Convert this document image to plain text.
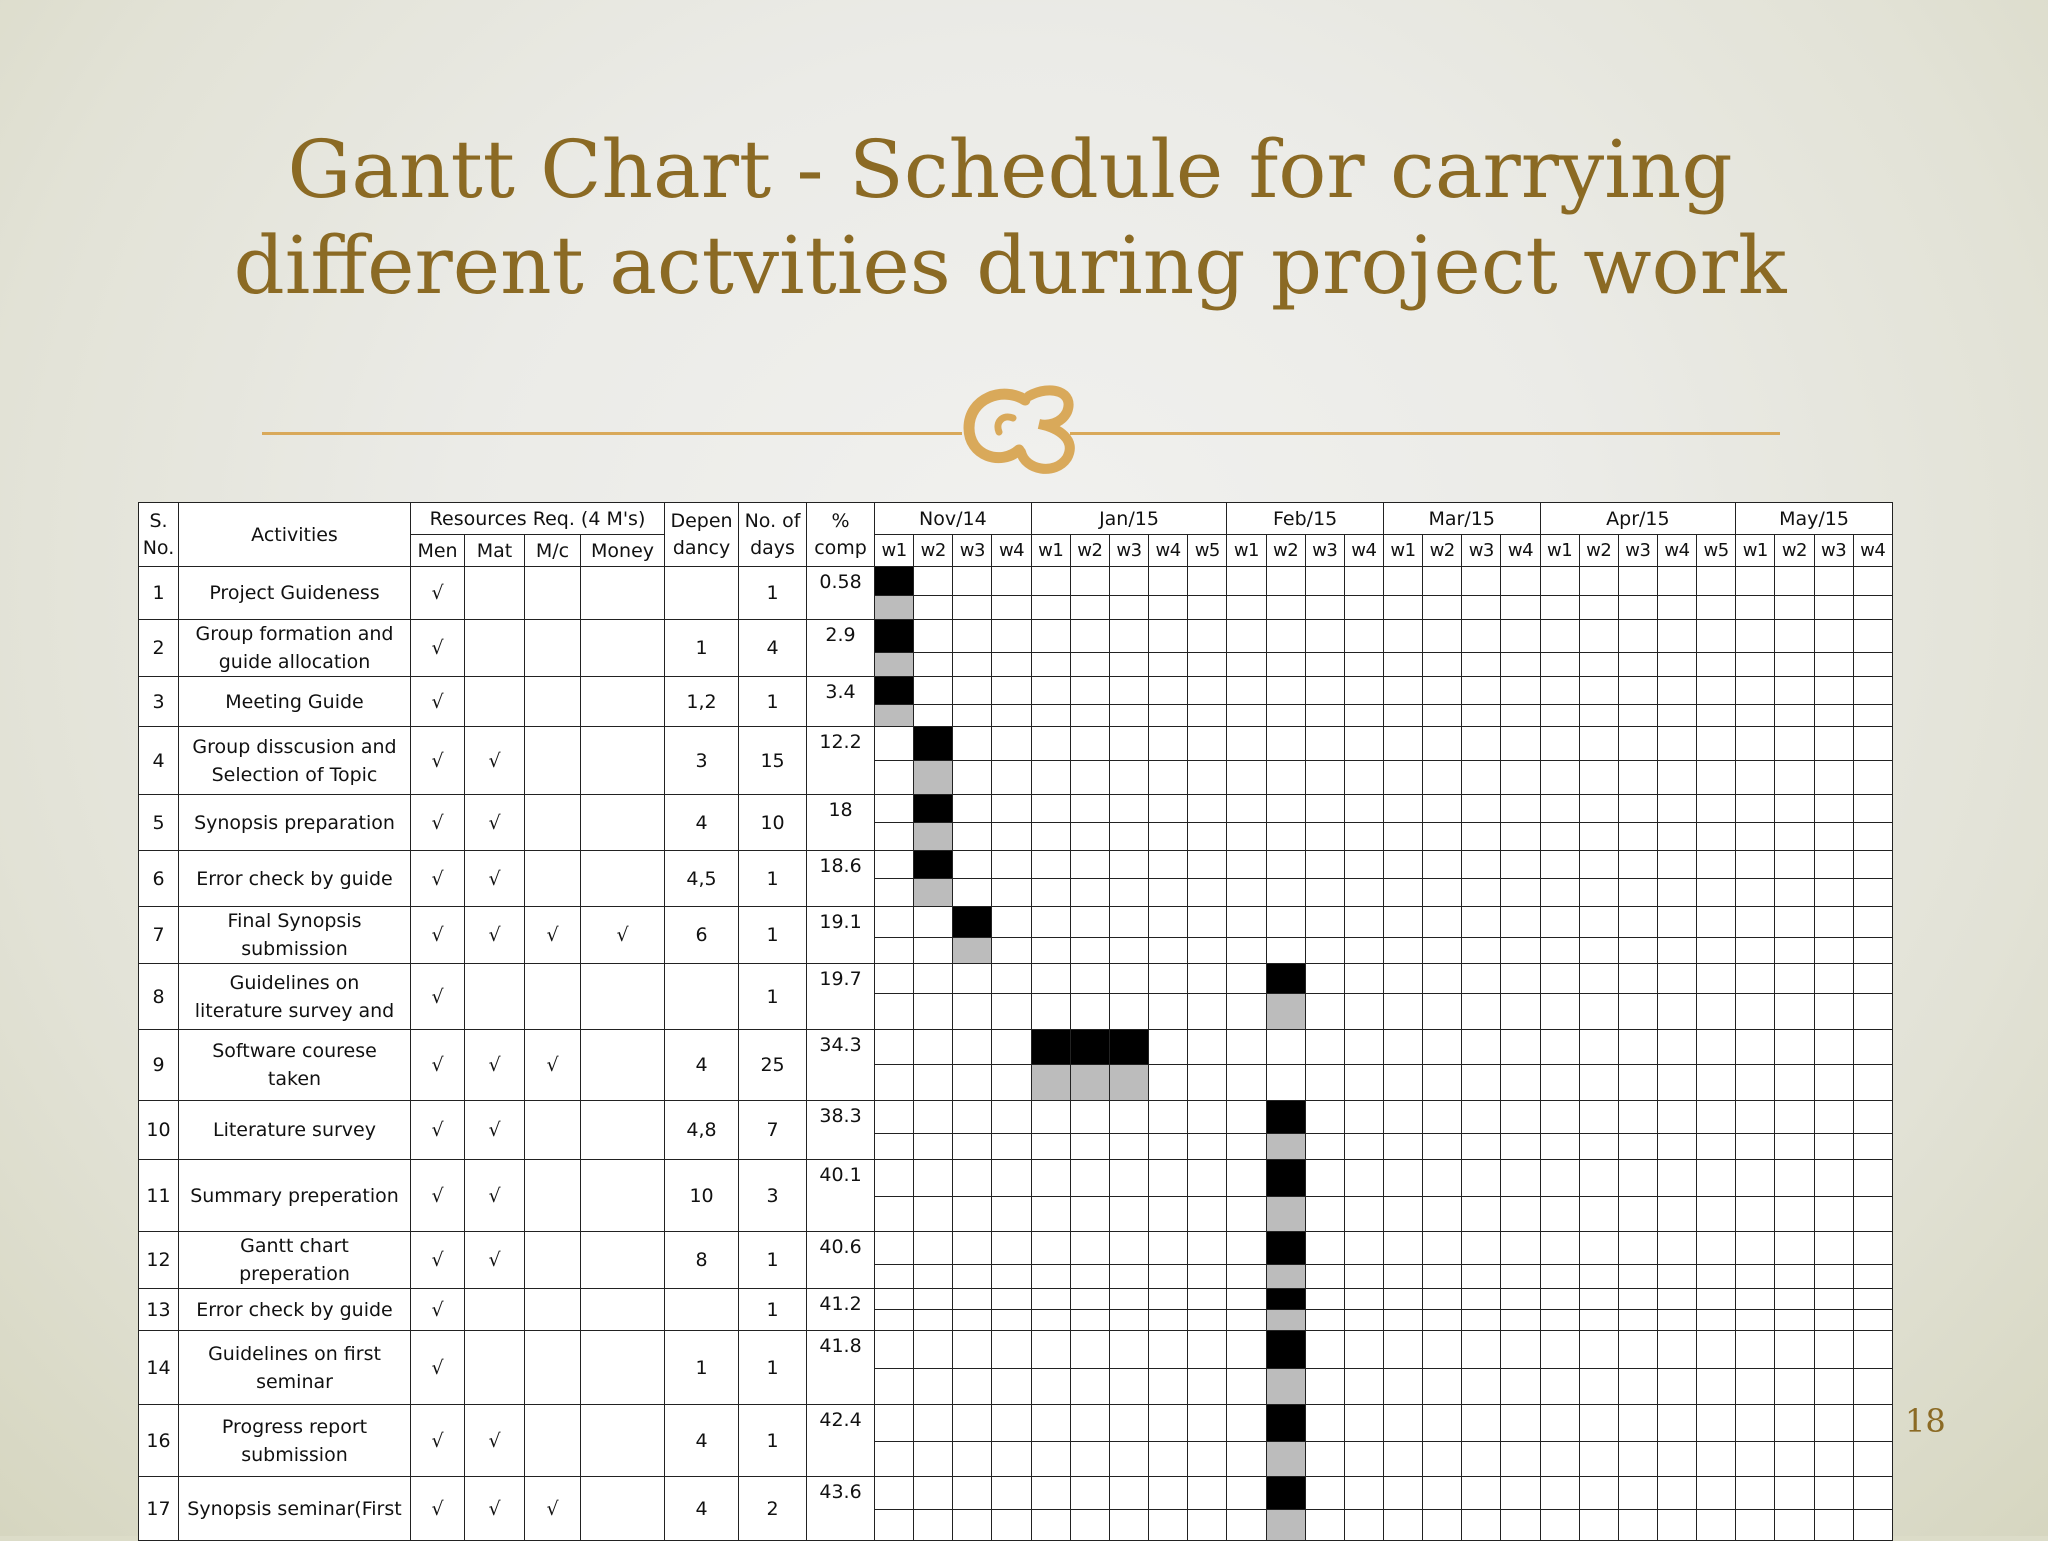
Gantt Chart - Schedule for carrying different actvities during project work
S. No.	Activities	Resources Req. (4 M's)				Depen dancy	No. of days	% comp	Nov/14				Jan/15					Feb/15				Mar/15				Apr/15					May/15			
		Men	Mat	M/c	Money				w1	w2	w3	w4	w1	w2	w3	w4	w5	w1	w2	w3	w4	w1	w2	w3	w4	w1	w2	w3	w4	w5	w1	w2	w3	w4
1	Project Guideness	√					1	0.58																										

2	Group formation and guide allocation	√				1	4	2.9																										

3	Meeting Guide	√				1,2	1	3.4																										

4	Group disscusion and Selection of Topic	√	√			3	15	12.2																										

5	Synopsis preparation	√	√			4	10	18																										

6	Error check by guide	√	√			4,5	1	18.6																										

7	Final Synopsis submission	√	√	√	√	6	1	19.1																										

8	Guidelines on literature survey and	√					1	19.7																										

9	Software courese taken	√	√	√		4	25	34.3																										

10	Literature survey	√	√			4,8	7	38.3																										

11	Summary preperation	√	√			10	3	40.1																										

12	Gantt chart preperation	√	√			8	1	40.6																										

13	Error check by guide	√					1	41.2																										

14	Guidelines on first seminar	√				1	1	41.8																										

16	Progress report submission	√	√			4	1	42.4																										

17	Synopsis seminar(First	√	√	√		4	2	43.6																										

18
